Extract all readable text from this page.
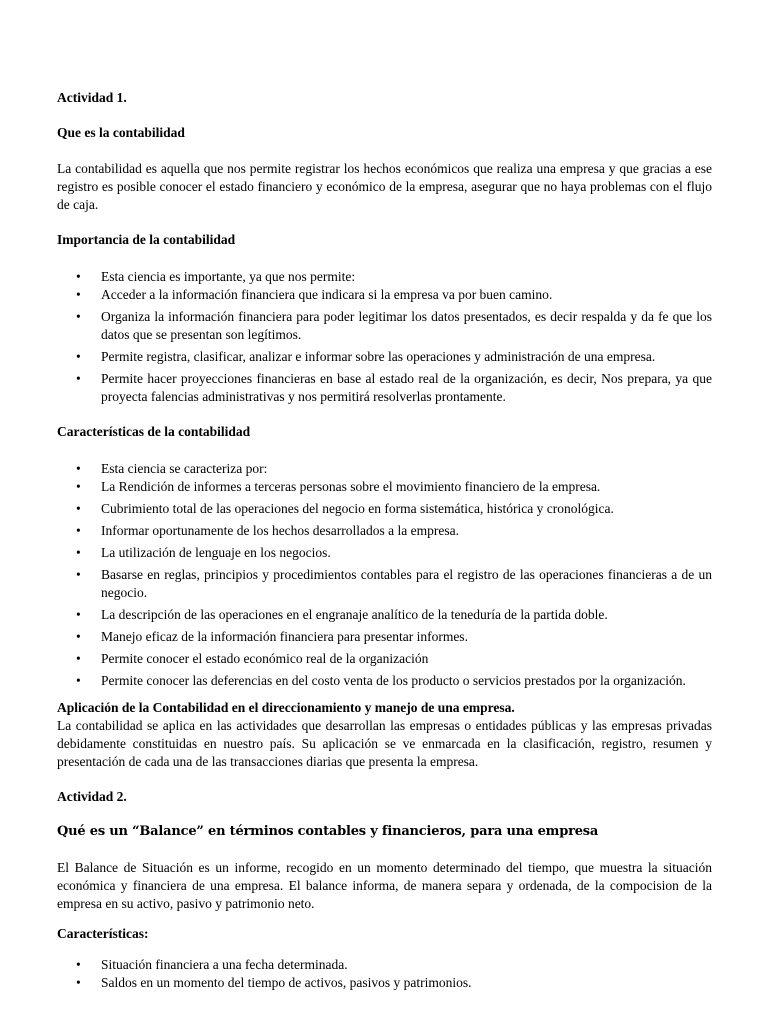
Actividad 1.
Que es la contabilidad

La contabilidad es aquella que nos permite registrar los hechos económicos que realiza una empresa y que gracias a ese registro es posible conocer el estado financiero y económico de la empresa, asegurar que no haya problemas con el flujo de caja.

Importancia de la contabilidad
• Esta ciencia es importante, ya que nos permite:
• Acceder a la información financiera que indicara si la empresa va por buen camino.
• Organiza la información financiera para poder legitimar los datos presentados, es decir respalda y da fe que los datos que se presentan son legítimos.
• Permite registra, clasificar, analizar e informar sobre las operaciones y administración de una empresa.
• Permite hacer proyecciones financieras en base al estado real de la organización, es decir, Nos prepara, ya que proyecta falencias administrativas y nos permitirá resolverlas prontamente.
Características de la contabilidad
• Esta ciencia se caracteriza por:
• La Rendición de informes a terceras personas sobre el movimiento financiero de la empresa.
• Cubrimiento total de las operaciones del negocio en forma sistemática, histórica y cronológica.
• Informar oportunamente de los hechos desarrollados a la empresa.
• La utilización de lenguaje en los negocios.
• Basarse en reglas, principios y procedimientos contables para el registro de las operaciones financieras a de un negocio.
• La descripción de las operaciones en el engranaje analítico de la teneduría de la partida doble.
• Manejo eficaz de la información financiera para presentar informes.
• Permite conocer el estado económico real de la organización
• Permite conocer las deferencias en del costo venta de los producto o servicios prestados por la organización.
Aplicación de la Contabilidad en el direccionamiento y manejo de una empresa.

La contabilidad se aplica en las actividades que desarrollan las empresas o entidades públicas y las empresas privadas debidamente constituidas en nuestro país. Su aplicación se ve enmarcada en la clasificación, registro, resumen y presentación de cada una de las transacciones diarias que presenta la empresa.

Actividad 2.
Qué es un “Balance” en términos contables y financieros, para una empresa

El Balance de Situación es un informe, recogido en un momento determinado del tiempo, que muestra la situación económica y financiera de una empresa. El balance informa, de manera separa y ordenada, de la compocision de la empresa en su activo, pasivo y patrimonio neto.

Características:
• Situación financiera a una fecha determinada.
• Saldos en un momento del tiempo de activos, pasivos y patrimonios.
